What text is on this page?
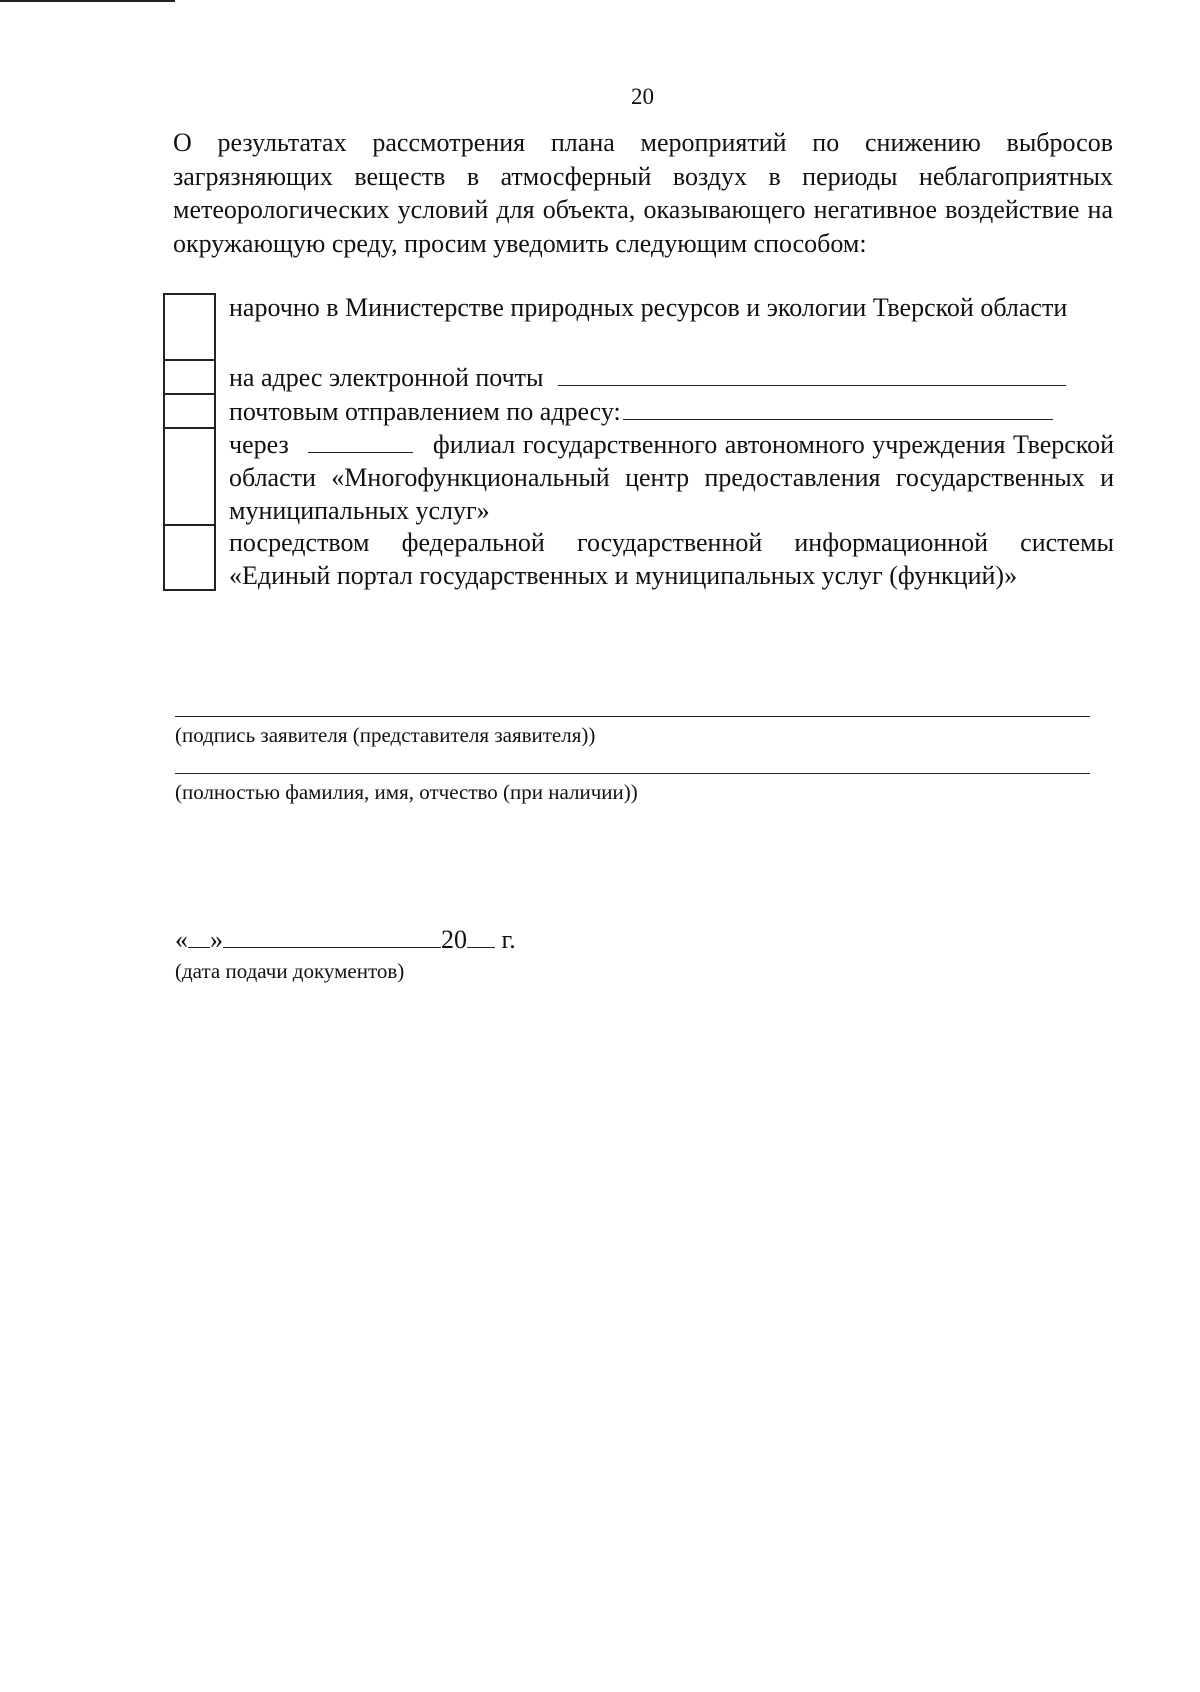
20

О результатах рассмотрения плана мероприятий по снижению выбросов загрязняющих веществ в атмосферный воздух в периоды неблагоприятных метеорологических условий для объекта, оказывающего негативное воздействие на окружающую среду, просим уведомить следующим способом:

нарочно в Министерстве природных ресурсов и экологии Тверской области
на адрес электронной почты
почтовым отправлением по адресу:
через	филиал государственного автономного учреждения Тверской области «Многофункциональный центр предоставления государственных и муниципальных услуг»
посредством федеральной государственной информационной системы «Единый портал государственных и муниципальных услуг (функций)»
(подпись заявителя (представителя заявителя))
(полностью фамилия, имя, отчество (при наличии))
« »	20 г.
(дата подачи документов)
